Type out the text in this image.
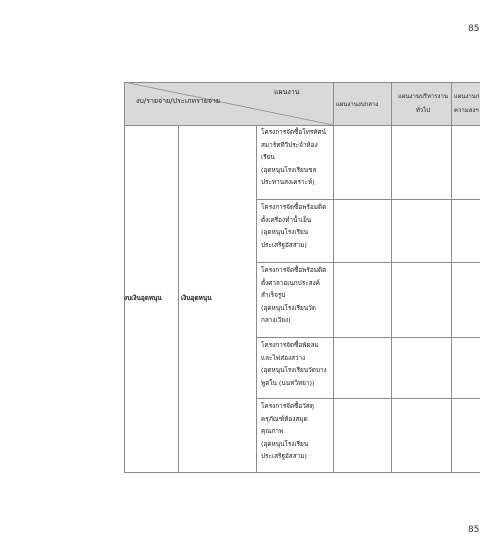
85
แผนงาน
งบ/รายจ่าย/ประเภทรายจ่าย	แผนงานงบกลาง
แผนงานบริหารงาน
ทั่วไป
แผนงานก
ความสงฯ
งบเงินอุดหนุน	เงินอุดหนุน
โครงการจัดซื้อโทรทัศน์
สมาร์ททีวีประจำห้อง
เรียน
(อุดหนุนโรงเรียนชล
ประทานสงเคราะห์)
โครงการจัดซื้อพร้อมติด
ตั้งเครื่องทำน้ำเย็น
(อุดหนุนโรงเรียน
ประเสริฐอัสสาม)
โครงการจัดซื้อพร้อมติด
ตั้งศาลาอเนกประสงค์
สำเร็จรูป
(อุดหนุนโรงเรียนวัด
กลางเวียง)
โครงการจัดซื้อพัดลม
และไฟส่องสว่าง
(อุดหนุนโรงเรียนวัดบาง
พูดใน (นนทวิทยา))
โครงการจัดซื้อวัสดุ
ครุภัณฑ์ห้องสมุด
คุณภาพ
(อุดหนุนโรงเรียน
ประเสริฐอัสสาม)
85
